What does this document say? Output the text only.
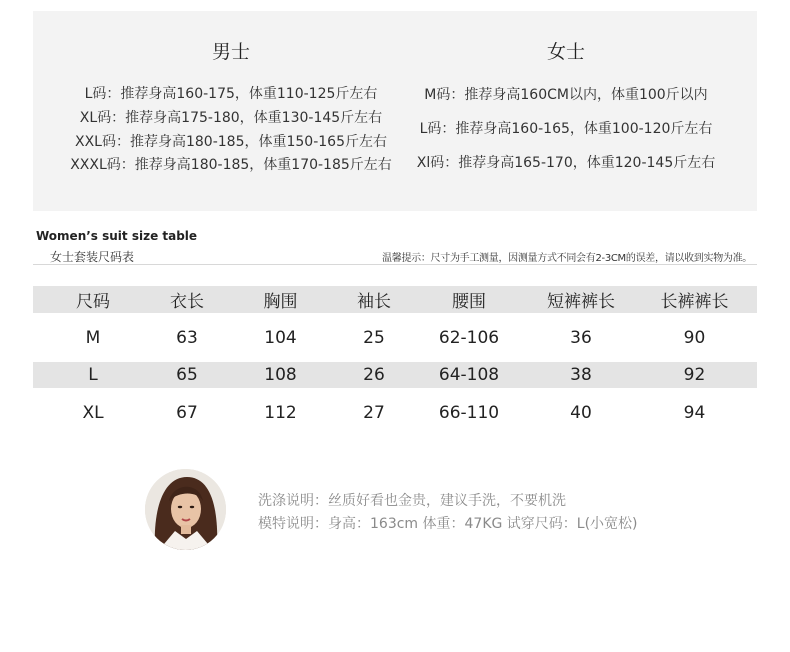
男士
L码：推荐身高160-175，体重110-125斤左右
XL码：推荐身高175-180，体重130-145斤左右
XXL码：推荐身高180-185，体重150-165斤左右
XXXL码：推荐身高180-185，体重170-185斤左右
女士
M码：推荐身高160CM以内，体重100斤以内
L码：推荐身高160-165，体重100-120斤左右
Xl码：推荐身高165-170，体重120-145斤左右
Women’s suit size table
女士套装尺码表	温馨提示：尺寸为手工测量，因测量方式不同会有2-3CM的误差，请以收到实物为准。
尺码	衣长	胸围	袖长	腰围	短裤裤长	长裤裤长
M	63	104	25	62-106	36	90
L	65	108	26	64-108	38	92
XL	67	112	27	66-110	40	94
洗涤说明：丝质好看也金贵，建议手洗，不要机洗
模特说明：身高：163cm 体重：47KG 试穿尺码：L(小宽松)
